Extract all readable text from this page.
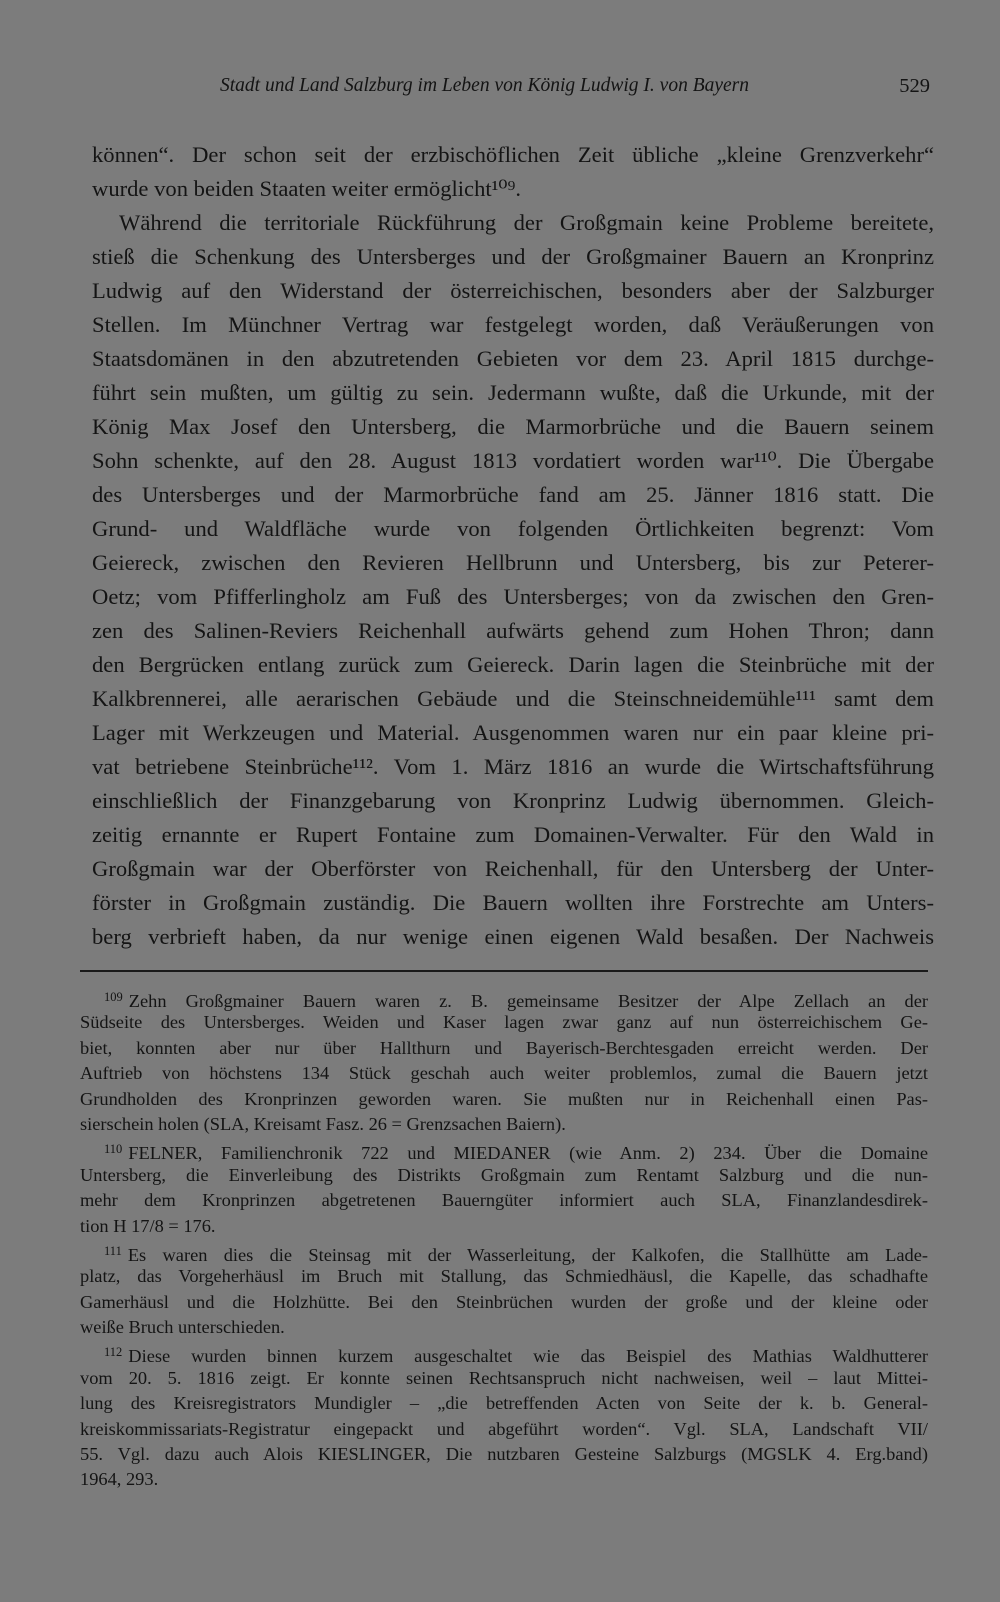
Stadt und Land Salzburg im Leben von König Ludwig I. von Bayern	529
können“. Der schon seit der erzbischöflichen Zeit übliche „kleine Grenzverkehr“
wurde von beiden Staaten weiter ermöglicht¹⁰⁹.
Während die territoriale Rückführung der Großgmain keine Probleme bereitete,
stieß die Schenkung des Untersberges und der Großgmainer Bauern an Kronprinz
Ludwig auf den Widerstand der österreichischen, besonders aber der Salzburger
Stellen. Im Münchner Vertrag war festgelegt worden, daß Veräußerungen von
Staatsdomänen in den abzutretenden Gebieten vor dem 23. April 1815 durchge-
führt sein mußten, um gültig zu sein. Jedermann wußte, daß die Urkunde, mit der
König Max Josef den Untersberg, die Marmorbrüche und die Bauern seinem
Sohn schenkte, auf den 28. August 1813 vordatiert worden war¹¹⁰. Die Übergabe
des Untersberges und der Marmorbrüche fand am 25. Jänner 1816 statt. Die
Grund- und Waldfläche wurde von folgenden Örtlichkeiten begrenzt: Vom
Geiereck, zwischen den Revieren Hellbrunn und Untersberg, bis zur Peterer-
Oetz; vom Pfifferlingholz am Fuß des Untersberges; von da zwischen den Gren-
zen des Salinen-Reviers Reichenhall aufwärts gehend zum Hohen Thron; dann
den Bergrücken entlang zurück zum Geiereck. Darin lagen die Steinbrüche mit der
Kalkbrennerei, alle aerarischen Gebäude und die Steinschneidemühle¹¹¹ samt dem
Lager mit Werkzeugen und Material. Ausgenommen waren nur ein paar kleine pri-
vat betriebene Steinbrüche¹¹². Vom 1. März 1816 an wurde die Wirtschaftsführung
einschließlich der Finanzgebarung von Kronprinz Ludwig übernommen. Gleich-
zeitig ernannte er Rupert Fontaine zum Domainen-Verwalter. Für den Wald in
Großgmain war der Oberförster von Reichenhall, für den Untersberg der Unter-
förster in Großgmain zuständig. Die Bauern wollten ihre Forstrechte am Unters-
berg verbrieft haben, da nur wenige einen eigenen Wald besaßen. Der Nachweis
$^{109}$ Zehn Großgmainer Bauern waren z. B. gemeinsame Besitzer der Alpe Zellach an der
Südseite des Untersberges. Weiden und Kaser lagen zwar ganz auf nun österreichischem Ge-
biet, konnten aber nur über Hallthurn und Bayerisch-Berchtesgaden erreicht werden. Der
Auftrieb von höchstens 134 Stück geschah auch weiter problemlos, zumal die Bauern jetzt
Grundholden des Kronprinzen geworden waren. Sie mußten nur in Reichenhall einen Pas-
sierschein holen (SLA, Kreisamt Fasz. 26 = Grenzsachen Baiern).
$^{110}$ FELNER, Familienchronik 722 und MIEDANER (wie Anm. 2) 234. Über die Domaine
Untersberg, die Einverleibung des Distrikts Großgmain zum Rentamt Salzburg und die nun-
mehr dem Kronprinzen abgetretenen Bauerngüter informiert auch SLA, Finanzlandesdirek-
tion H 17/8 = 176.
$^{111}$ Es waren dies die Steinsag mit der Wasserleitung, der Kalkofen, die Stallhütte am Lade-
platz, das Vorgeherhäusl im Bruch mit Stallung, das Schmiedhäusl, die Kapelle, das schadhafte
Gamerhäusl und die Holzhütte. Bei den Steinbrüchen wurden der große und der kleine oder
weiße Bruch unterschieden.
$^{112}$ Diese wurden binnen kurzem ausgeschaltet wie das Beispiel des Mathias Waldhutterer
vom 20. 5. 1816 zeigt. Er konnte seinen Rechtsanspruch nicht nachweisen, weil – laut Mittei-
lung des Kreisregistrators Mundigler – „die betreffenden Acten von Seite der k. b. General-
kreiskommissariats-Registratur eingepackt und abgeführt worden“. Vgl. SLA, Landschaft VII/
55. Vgl. dazu auch Alois KIESLINGER, Die nutzbaren Gesteine Salzburgs (MGSLK 4. Erg.band)
1964, 293.
